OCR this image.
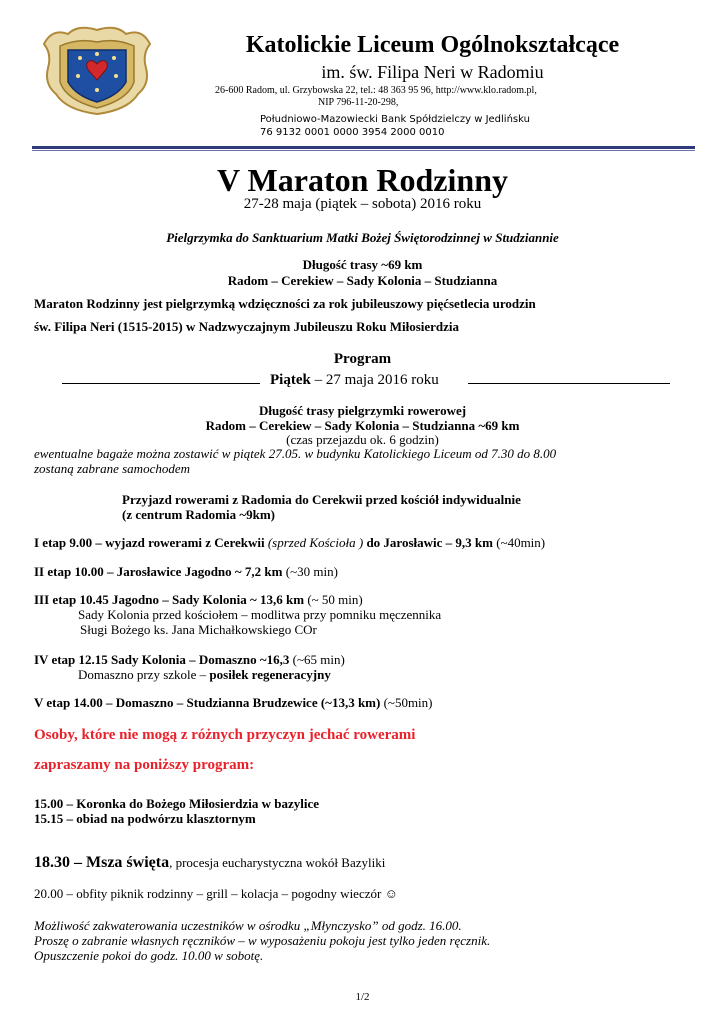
Katolickie Liceum Ogólnokształcące
im. św. Filipa Neri w Radomiu
26-600 Radom, ul. Grzybowska 22, tel.: 48 363 95 96, http://www.klo.radom.pl,
NIP 796-11-20-298,
Południowo-Mazowiecki Bank Spółdzielczy w Jedlińsku
76 9132 0001 0000 3954 2000 0010
V Maraton Rodzinny
27-28 maja (piątek – sobota) 2016 roku
Pielgrzymka do Sanktuarium Matki Bożej Świętorodzinnej w Studziannie
Długość trasy ~69 km
Radom – Cerekiew – Sady Kolonia – Studzianna
Maraton Rodzinny jest pielgrzymką wdzięczności za rok jubileuszowy pięćsetlecia urodzin
św. Filipa Neri (1515-2015) w Nadzwyczajnym Jubileuszu Roku Miłosierdzia
Program
Piątek – 27 maja 2016 roku
Długość trasy pielgrzymki rowerowej
Radom – Cerekiew – Sady Kolonia – Studzianna ~69 km
(czas przejazdu ok. 6 godzin)
ewentualne bagaże można zostawić w piątek 27.05. w budynku Katolickiego Liceum od 7.30 do 8.00
zostaną zabrane samochodem
Przyjazd rowerami z Radomia do Cerekwii przed kościół indywidualnie
(z centrum Radomia ~9km)
I etap 9.00 – wyjazd rowerami z Cerekwii (sprzed Kościoła ) do Jarosławic – 9,3 km (~40min)
II etap 10.00 – Jarosławice Jagodno ~ 7,2 km (~30 min)
III etap 10.45 Jagodno – Sady Kolonia ~ 13,6 km (~ 50 min)
Sady Kolonia przed kościołem – modlitwa przy pomniku męczennika
Sługi Bożego ks. Jana Michałkowskiego COr
IV etap 12.15 Sady Kolonia – Domaszno ~16,3 (~65 min)
Domaszno przy szkole – posiłek regeneracyjny
V etap 14.00 – Domaszno – Studzianna Brudzewice (~13,3 km) (~50min)
Osoby, które nie mogą z różnych przyczyn jechać rowerami
zapraszamy na poniższy program:
15.00 – Koronka do Bożego Miłosierdzia w bazylice
15.15 – obiad na podwórzu klasztornym
18.30 – Msza święta, procesja eucharystyczna wokół Bazyliki
20.00 – obfity piknik rodzinny – grill – kolacja – pogodny wieczór ☺
Możliwość zakwaterowania uczestników w ośrodku „Młynczysko” od godz. 16.00.
Proszę o zabranie własnych ręczników – w wyposażeniu pokoju jest tylko jeden ręcznik.
Opuszczenie pokoi do godz. 10.00 w sobotę.
1/2
